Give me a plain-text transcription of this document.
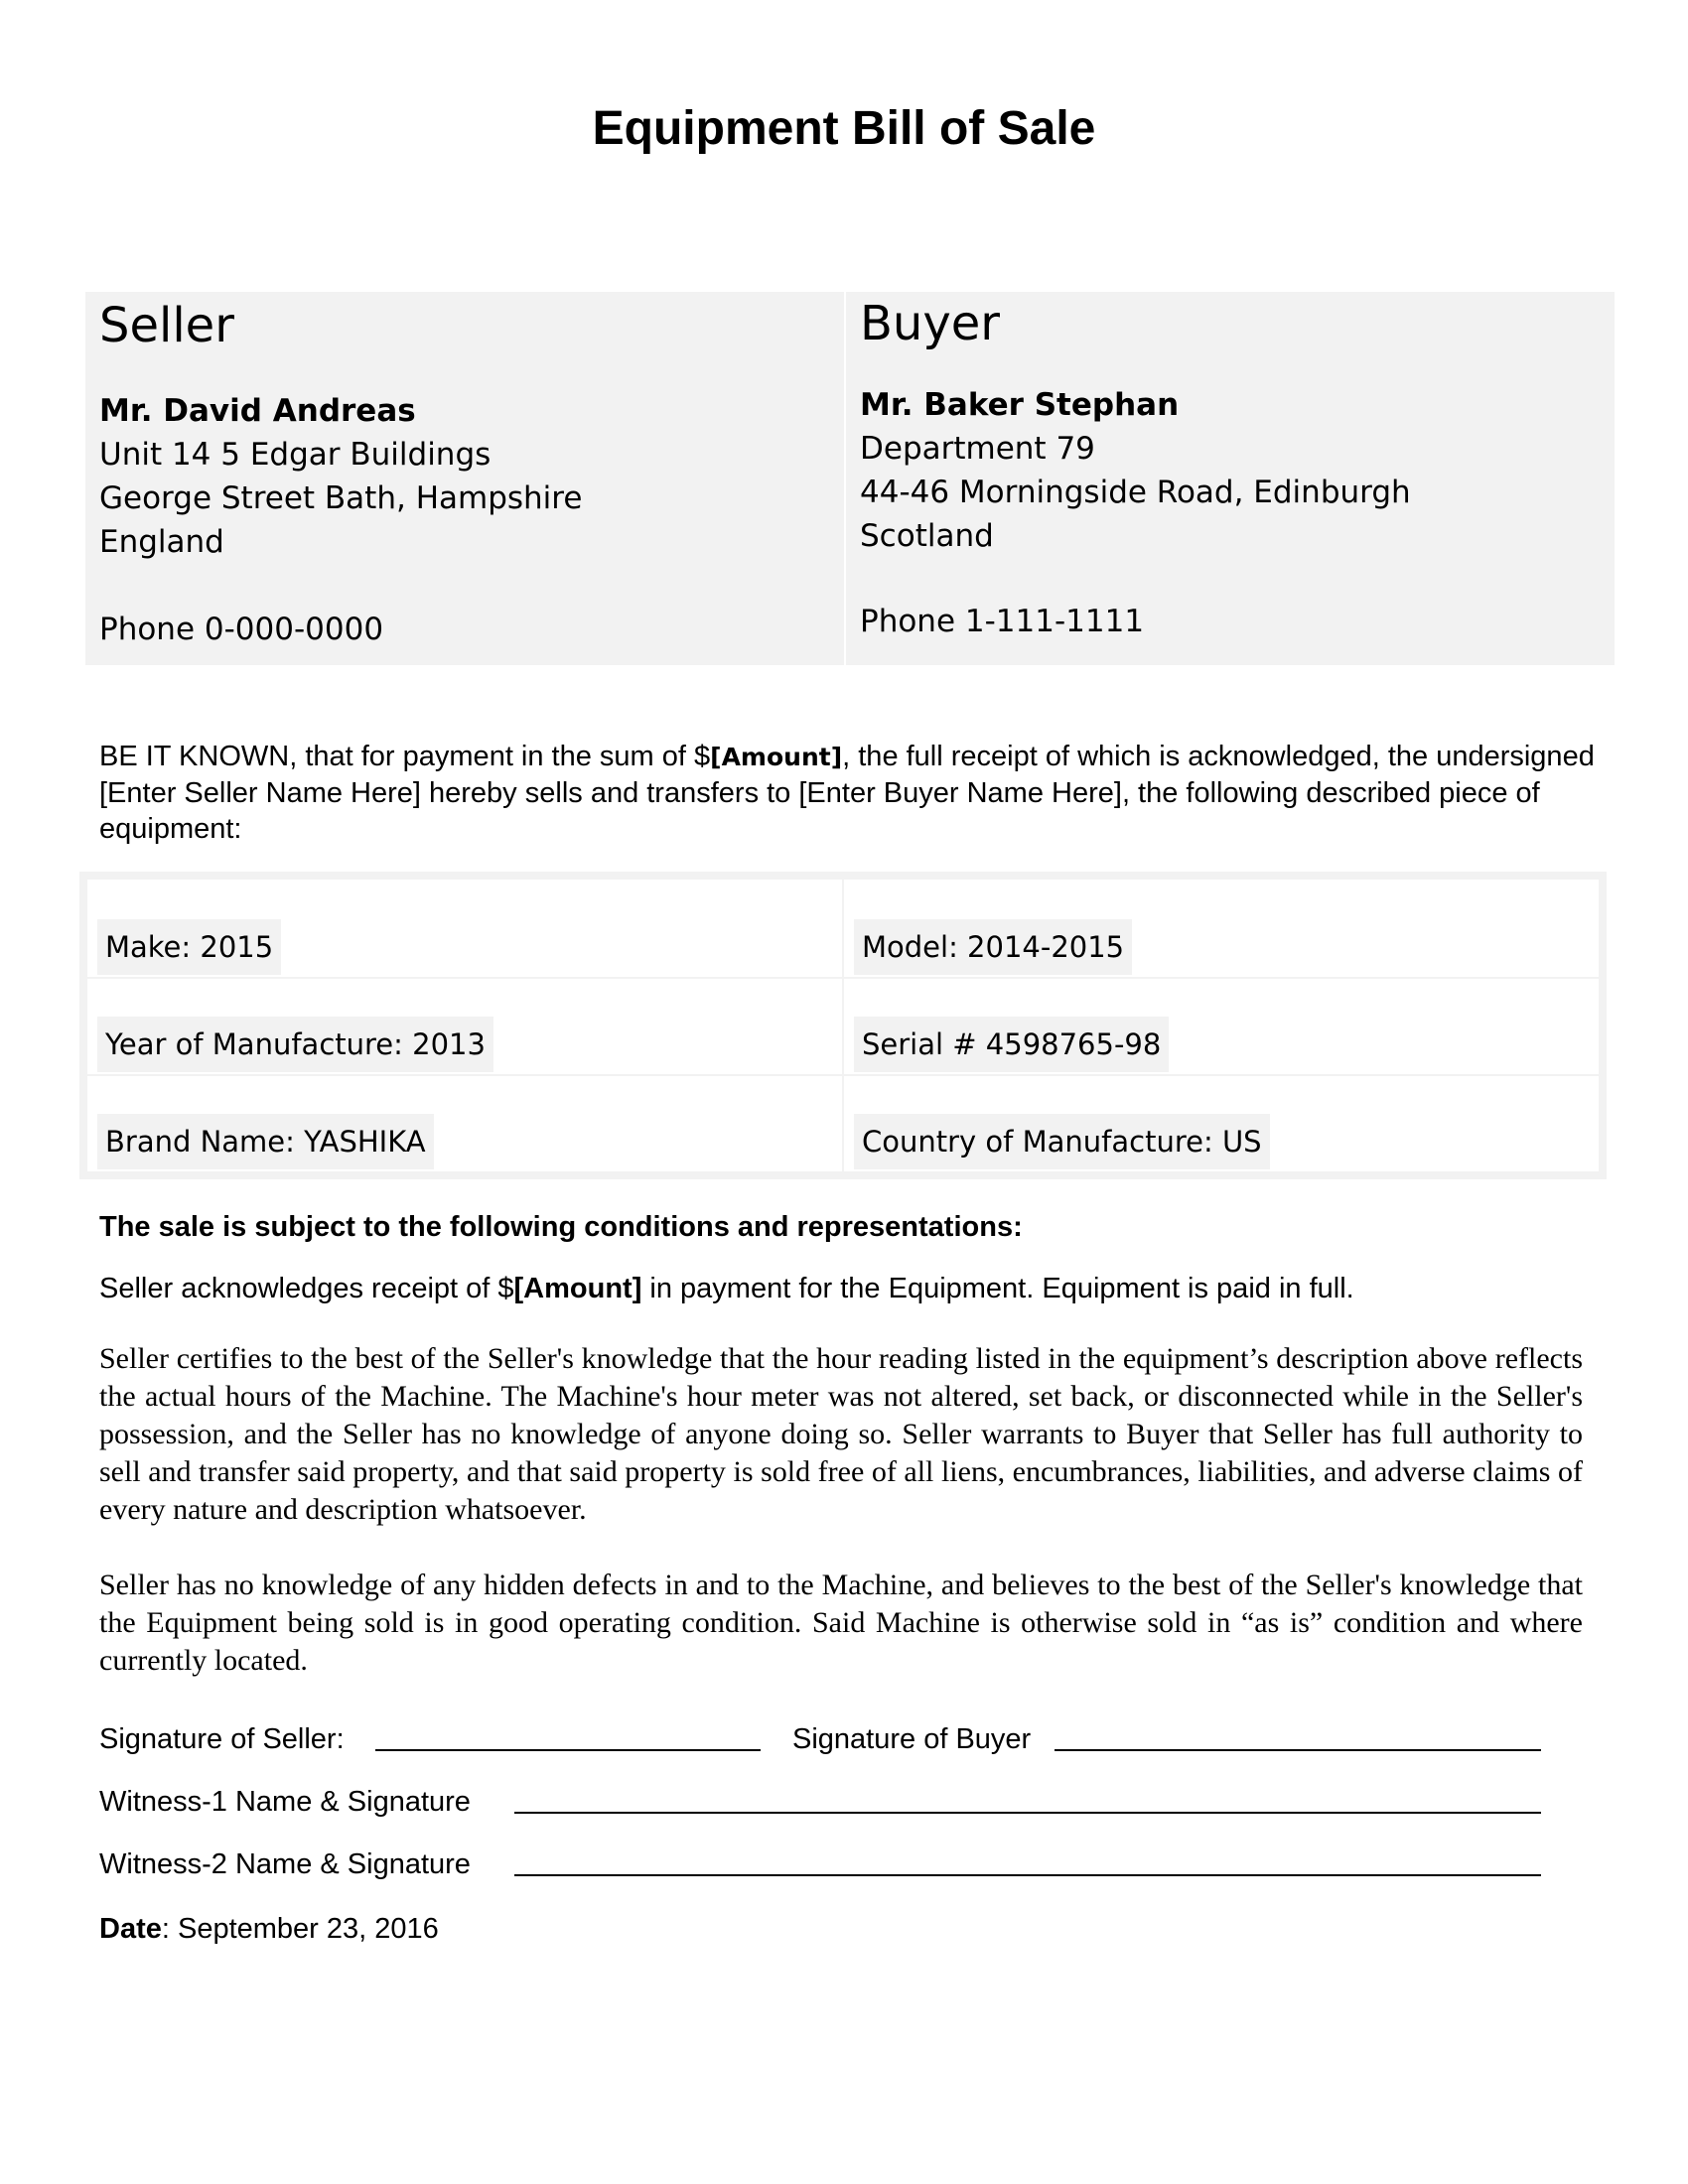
Equipment Bill of Sale
Seller
Mr. David Andreas
Unit 14 5 Edgar Buildings
George Street Bath, Hampshire
England
Phone 0-000-0000
Buyer
Mr. Baker Stephan
Department 79
44-46 Morningside Road, Edinburgh
Scotland
Phone 1-111-1111
BE IT KNOWN, that for payment in the sum of $[Amount], the full receipt of which is acknowledged, the undersigned [Enter Seller Name Here] hereby sells and transfers to [Enter Buyer Name Here], the following described piece of equipment:
Make: 2015	Model: 2014-2015
Year of Manufacture: 2013	Serial # 4598765-98
Brand Name: YASHIKA	Country of Manufacture: US
The sale is subject to the following conditions and representations:
Seller acknowledges receipt of $[Amount] in payment for the Equipment. Equipment is paid in full.
Seller certifies to the best of the Seller's knowledge that the hour reading listed in the equipment’s description above reflects the actual hours of the Machine. The Machine's hour meter was not altered, set back, or disconnected while in the Seller's possession, and the Seller has no knowledge of anyone doing so. Seller warrants to Buyer that Seller has full authority to sell and transfer said property, and that said property is sold free of all liens, encumbrances, liabilities, and adverse claims of every nature and description whatsoever.
Seller has no knowledge of any hidden defects in and to the Machine, and believes to the best of the Seller's knowledge that the Equipment being sold is in good operating condition. Said Machine is otherwise sold in “as is” condition and where currently located.
Signature of Seller:	Signature of Buyer
Witness-1 Name & Signature
Witness-2 Name & Signature
Date: September 23, 2016
